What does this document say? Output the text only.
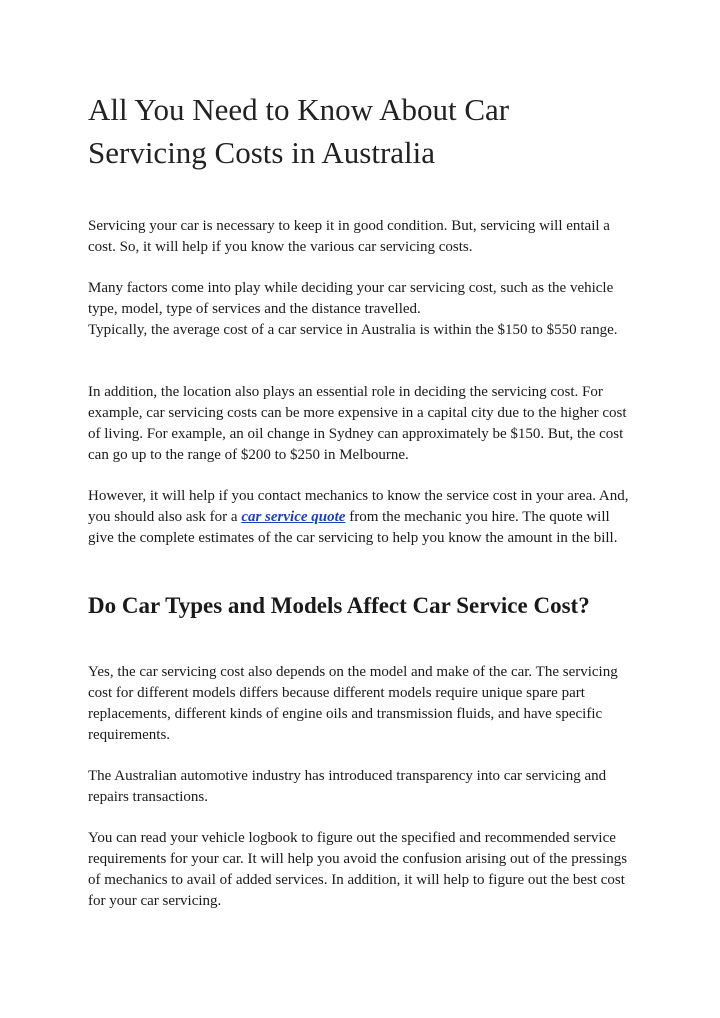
All You Need to Know About Car Servicing Costs in Australia

Servicing your car is necessary to keep it in good condition. But, servicing will entail a cost. So, it will help if you know the various car servicing costs.

Many factors come into play while deciding your car servicing cost, such as the vehicle type, model, type of services and the distance travelled.

Typically, the average cost of a car service in Australia is within the $150 to $550 range.

In addition, the location also plays an essential role in deciding the servicing cost. For example, car servicing costs can be more expensive in a capital city due to the higher cost of living. For example, an oil change in Sydney can approximately be $150. But, the cost can go up to the range of $200 to $250 in Melbourne.

However, it will help if you contact mechanics to know the service cost in your area. And, you should also ask for a car service quote from the mechanic you hire. The quote will give the complete estimates of the car servicing to help you know the amount in the bill.

Do Car Types and Models Affect Car Service Cost?

Yes, the car servicing cost also depends on the model and make of the car. The servicing cost for different models differs because different models require unique spare part replacements, different kinds of engine oils and transmission fluids, and have specific requirements.

The Australian automotive industry has introduced transparency into car servicing and repairs transactions.

You can read your vehicle logbook to figure out the specified and recommended service requirements for your car. It will help you avoid the confusion arising out of the pressings of mechanics to avail of added services. In addition, it will help to figure out the best cost for your car servicing.
